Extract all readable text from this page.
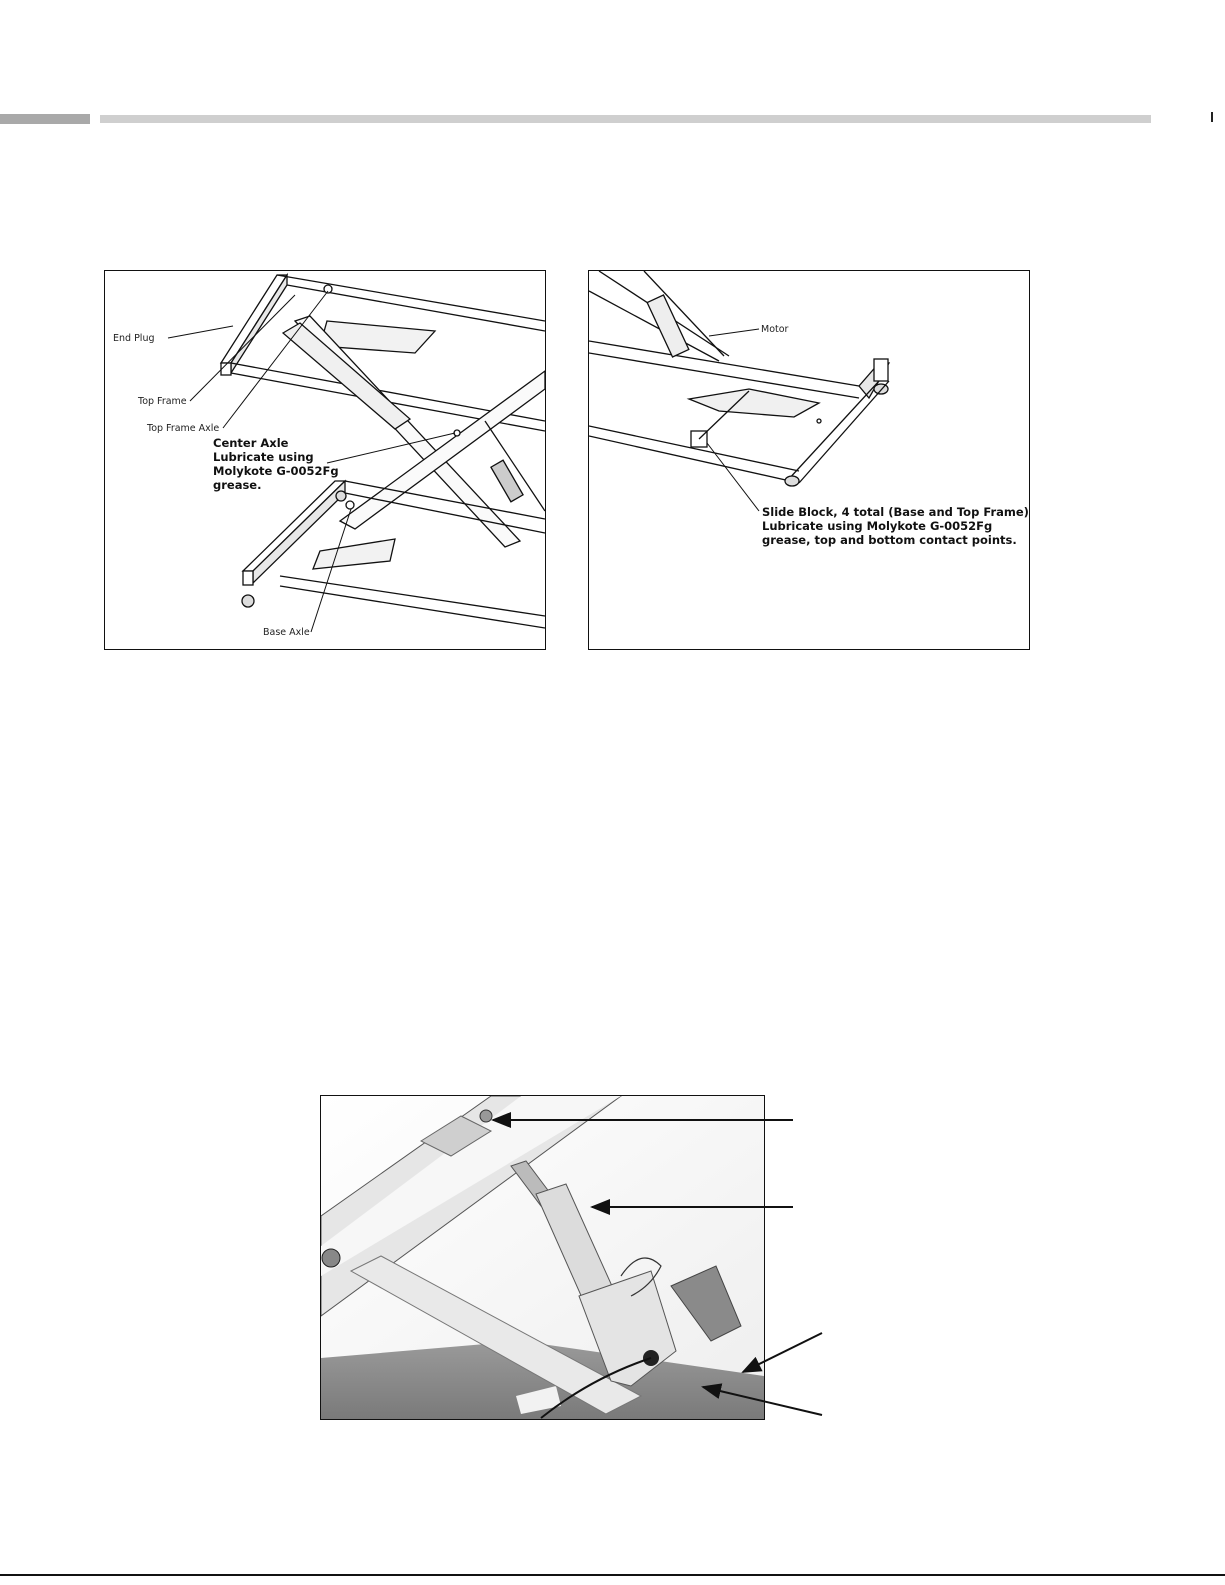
End Plug
Top Frame
Top Frame Axle
Center Axle
Lubricate using
Molykote G-0052Fg
grease.
Base Axle
Motor
Slide Block, 4 total (Base and Top Frame)
Lubricate using Molykote G-0052Fg
grease, top and bottom contact points.
